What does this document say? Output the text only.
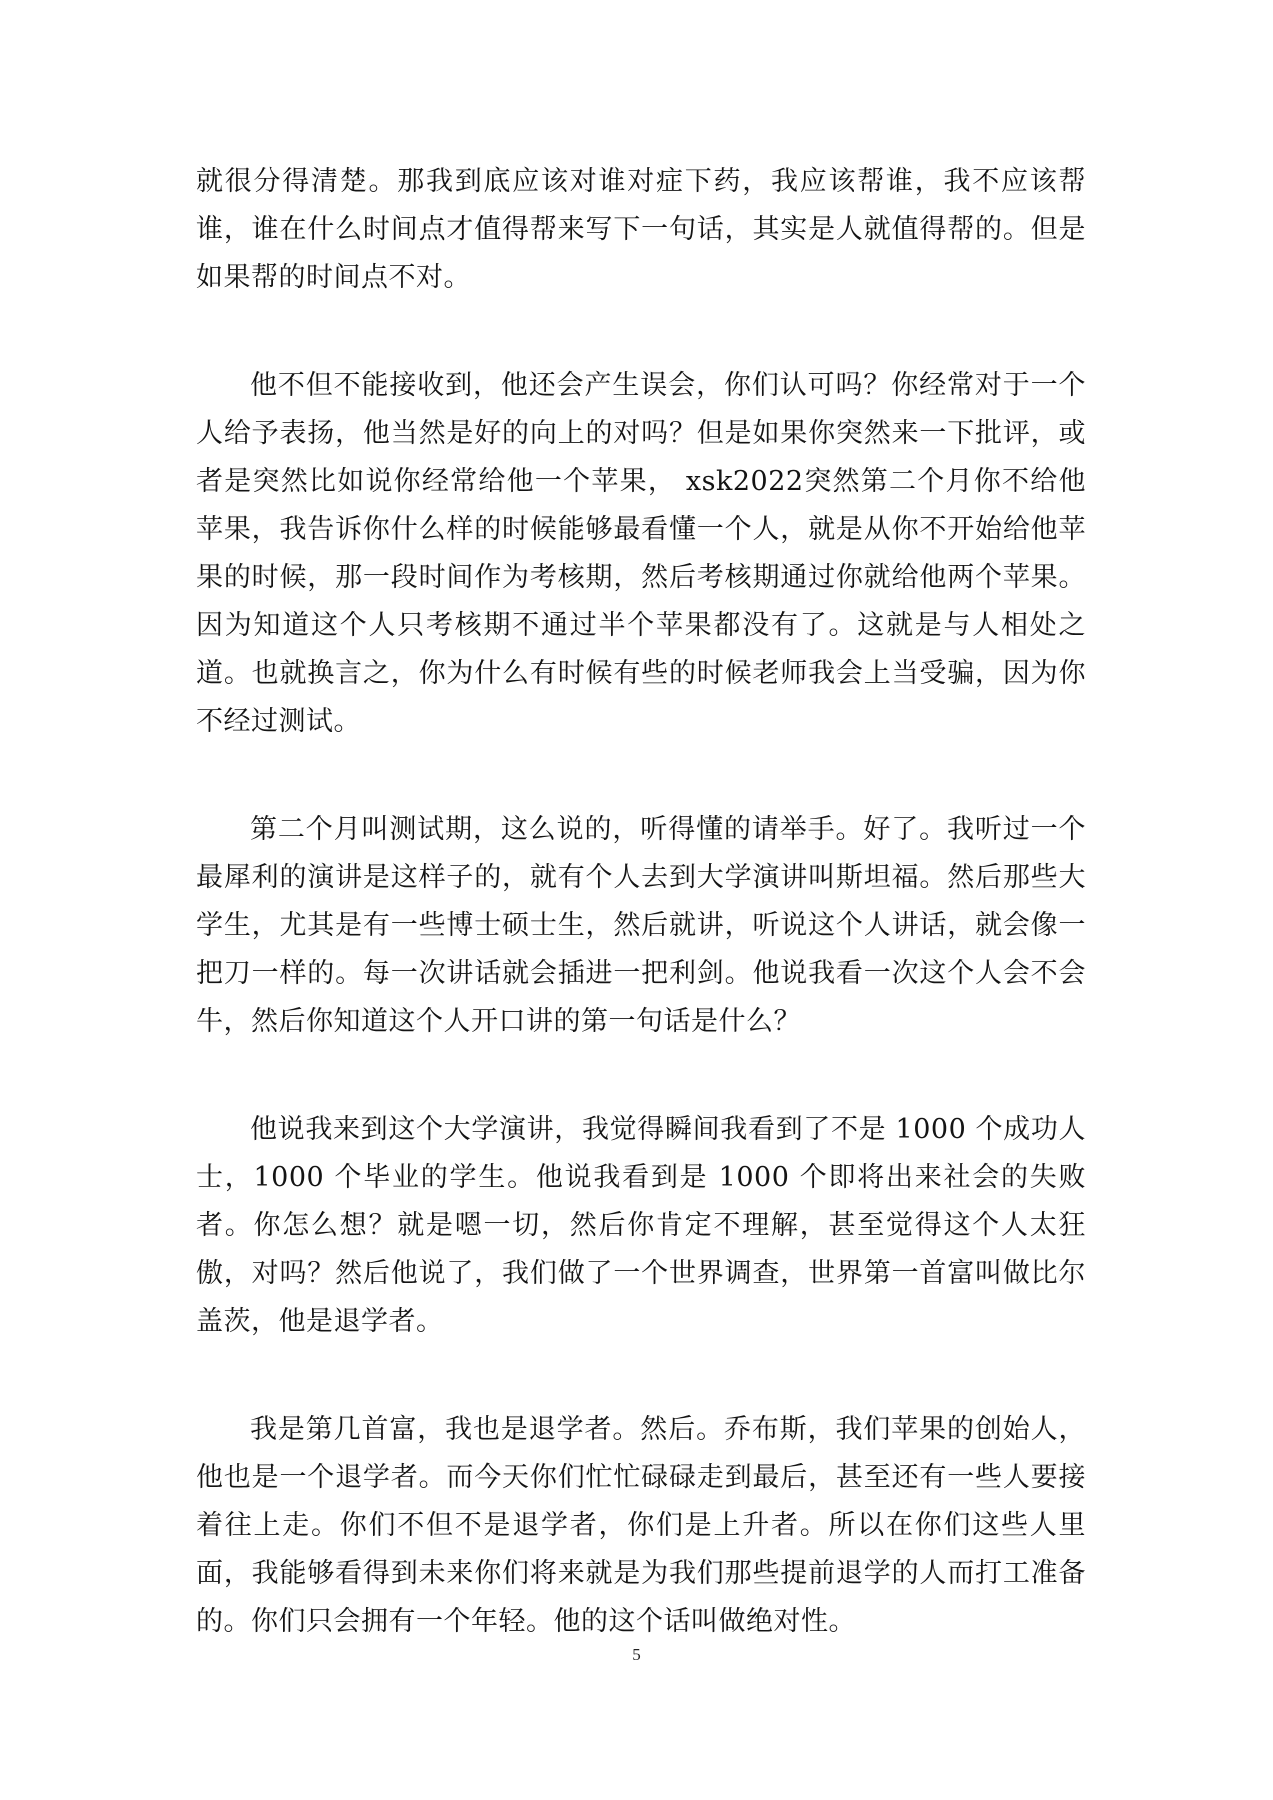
就很分得清楚。那我到底应该对谁对症下药，我应该帮谁，我不应该帮谁，谁在什么时间点才值得帮来写下一句话，其实是人就值得帮的。但是如果帮的时间点不对。

他不但不能接收到，他还会产生误会，你们认可吗？你经常对于一个人给予表扬，他当然是好的向上的对吗？但是如果你突然来一下批评，或者是突然比如说你经常给他一个苹果， xsk2022突然第二个月你不给他苹果，我告诉你什么样的时候能够最看懂一个人，就是从你不开始给他苹果的时候，那一段时间作为考核期，然后考核期通过你就给他两个苹果。因为知道这个人只考核期不通过半个苹果都没有了。这就是与人相处之道。也就换言之，你为什么有时候有些的时候老师我会上当受骗，因为你不经过测试。

第二个月叫测试期，这么说的，听得懂的请举手。好了。我听过一个最犀利的演讲是这样子的，就有个人去到大学演讲叫斯坦福。然后那些大学生，尤其是有一些博士硕士生，然后就讲，听说这个人讲话，就会像一把刀一样的。每一次讲话就会插进一把利剑。他说我看一次这个人会不会牛，然后你知道这个人开口讲的第一句话是什么？

他说我来到这个大学演讲，我觉得瞬间我看到了不是 1000 个成功人士，1000 个毕业的学生。他说我看到是 1000 个即将出来社会的失败者。你怎么想？就是嗯一切，然后你肯定不理解，甚至觉得这个人太狂傲，对吗？然后他说了，我们做了一个世界调查，世界第一首富叫做比尔盖茨，他是退学者。

我是第几首富，我也是退学者。然后。乔布斯，我们苹果的创始人，他也是一个退学者。而今天你们忙忙碌碌走到最后，甚至还有一些人要接着往上走。你们不但不是退学者，你们是上升者。所以在你们这些人里面，我能够看得到未来你们将来就是为我们那些提前退学的人而打工准备的。你们只会拥有一个年轻。他的这个话叫做绝对性。

5
